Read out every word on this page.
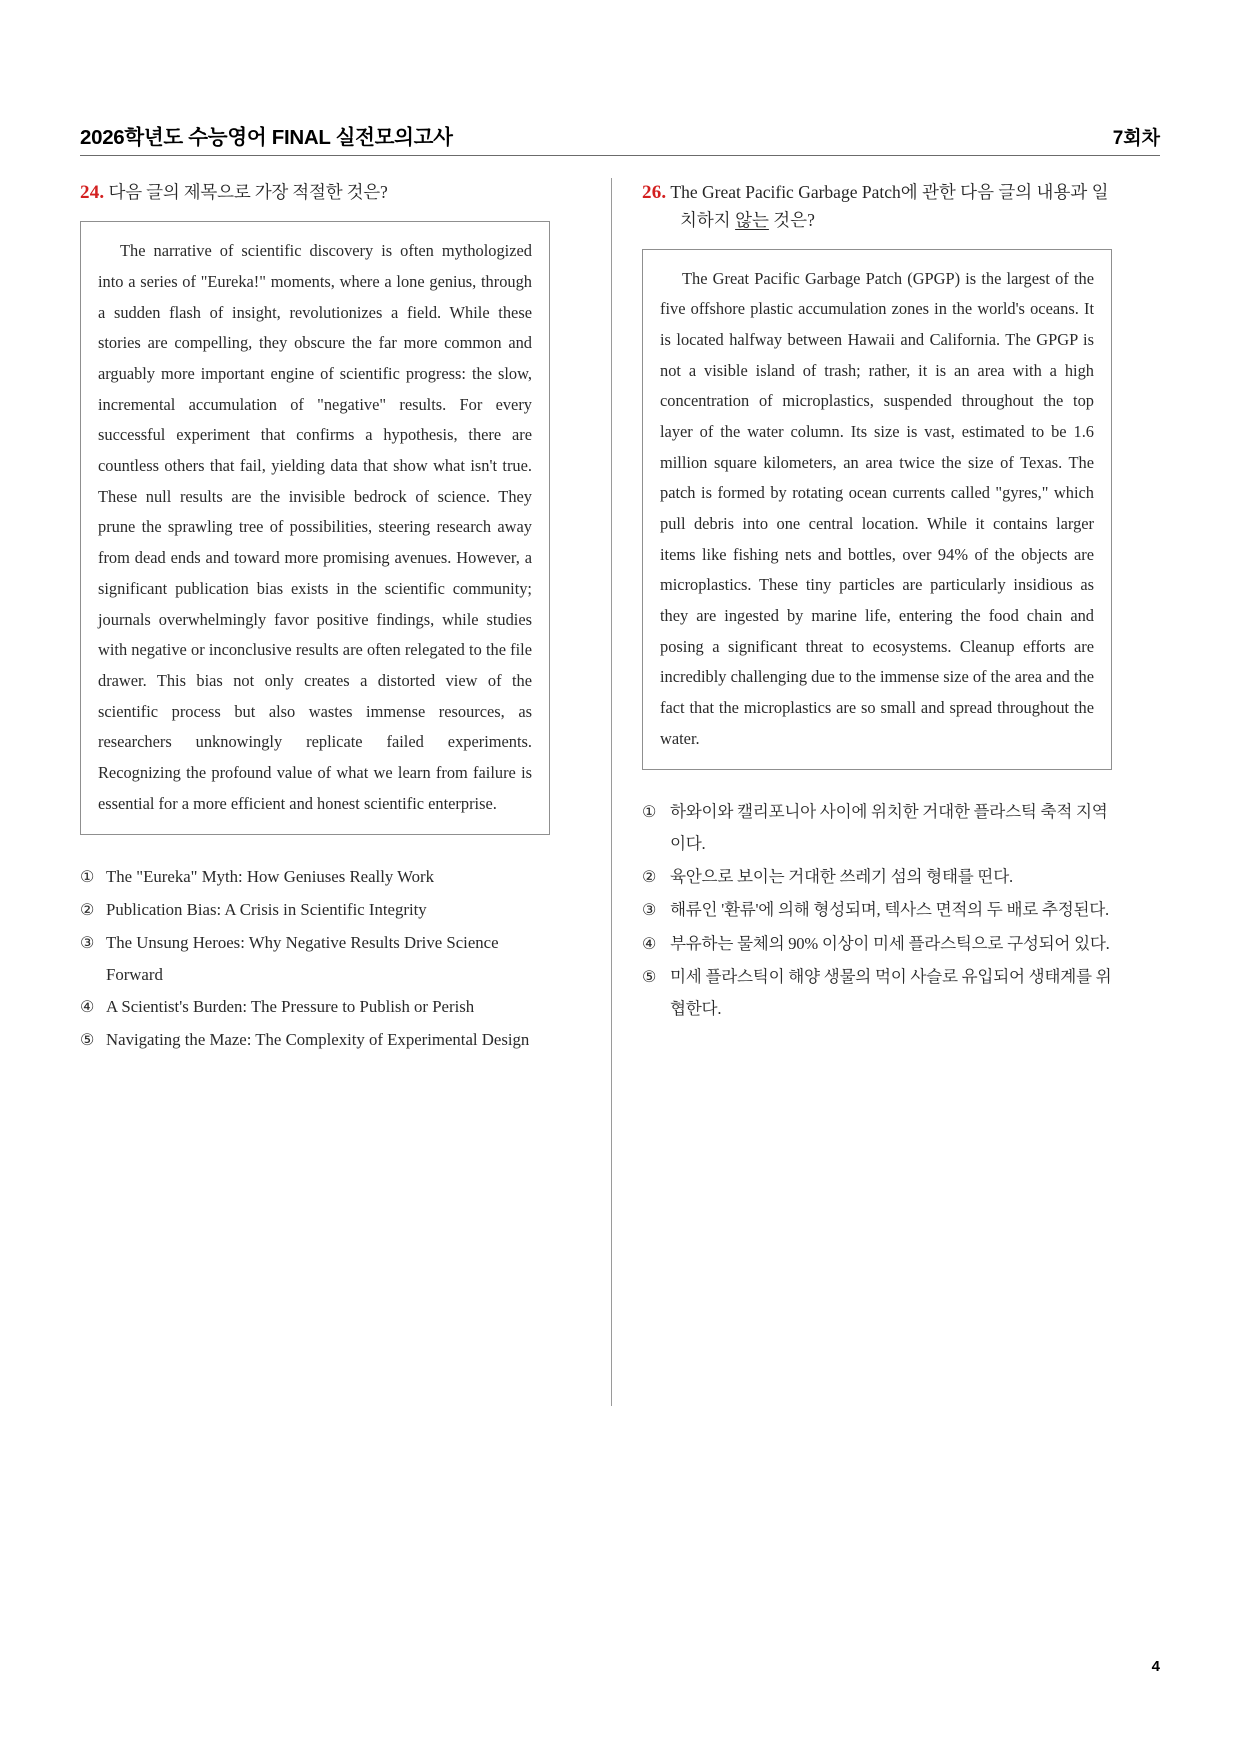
2026학년도 수능영어 FINAL 실전모의고사	7회차
24. 다음 글의 제목으로 가장 적절한 것은?

The narrative of scientific discovery is often mythologized into a series of "Eureka!" moments, where a lone genius, through a sudden flash of insight, revolutionizes a field. While these stories are compelling, they obscure the far more common and arguably more important engine of scientific progress: the slow, incremental accumulation of "negative" results. For every successful experiment that confirms a hypothesis, there are countless others that fail, yielding data that show what isn't true. These null results are the invisible bedrock of science. They prune the sprawling tree of possibilities, steering research away from dead ends and toward more promising avenues. However, a significant publication bias exists in the scientific community; journals overwhelmingly favor positive findings, while studies with negative or inconclusive results are often relegated to the file drawer. This bias not only creates a distorted view of the scientific process but also wastes immense resources, as researchers unknowingly replicate failed experiments. Recognizing the profound value of what we learn from failure is essential for a more efficient and honest scientific enterprise.

① The "Eureka" Myth: How Geniuses Really Work
② Publication Bias: A Crisis in Scientific Integrity
③ The Unsung Heroes: Why Negative Results Drive Science Forward
④ A Scientist's Burden: The Pressure to Publish or Perish
⑤ Navigating the Maze: The Complexity of Experimental Design
26. The Great Pacific Garbage Patch에 관한 다음 글의 내용과 일치하지 않는 것은?

The Great Pacific Garbage Patch (GPGP) is the largest of the five offshore plastic accumulation zones in the world's oceans. It is located halfway between Hawaii and California. The GPGP is not a visible island of trash; rather, it is an area with a high concentration of microplastics, suspended throughout the top layer of the water column. Its size is vast, estimated to be 1.6 million square kilometers, an area twice the size of Texas. The patch is formed by rotating ocean currents called "gyres," which pull debris into one central location. While it contains larger items like fishing nets and bottles, over 94% of the objects are microplastics. These tiny particles are particularly insidious as they are ingested by marine life, entering the food chain and posing a significant threat to ecosystems. Cleanup efforts are incredibly challenging due to the immense size of the area and the fact that the microplastics are so small and spread throughout the water.

① 하와이와 캘리포니아 사이에 위치한 거대한 플라스틱 축적 지역이다.
② 육안으로 보이는 거대한 쓰레기 섬의 형태를 띤다.
③ 해류인 '환류'에 의해 형성되며, 텍사스 면적의 두 배로 추정된다.
④ 부유하는 물체의 90% 이상이 미세 플라스틱으로 구성되어 있다.
⑤ 미세 플라스틱이 해양 생물의 먹이 사슬로 유입되어 생태계를 위협한다.
4
